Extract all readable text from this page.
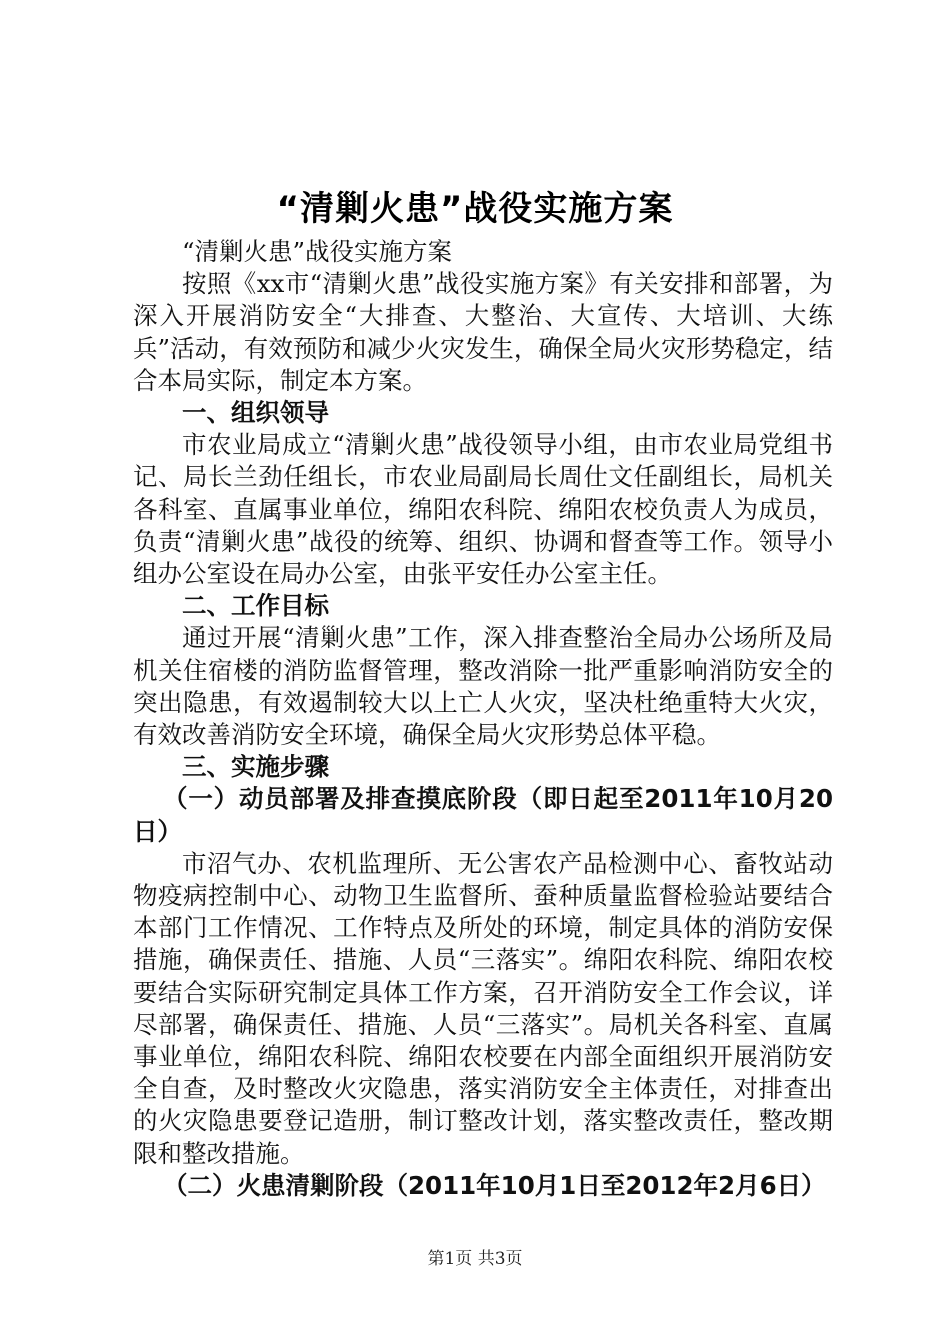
“清剿火患”战役实施方案

“清剿火患”战役实施方案

按照《xx市“清剿火患”战役实施方案》有关安排和部署，为深入开展消防安全“大排查、大整治、大宣传、大培训、大练兵”活动，有效预防和减少火灾发生，确保全局火灾形势稳定，结合本局实际，制定本方案。

一、组织领导

市农业局成立“清剿火患”战役领导小组，由市农业局党组书记、局长兰劲任组长，市农业局副局长周仕文任副组长，局机关各科室、直属事业单位，绵阳农科院、绵阳农校负责人为成员，负责“清剿火患”战役的统筹、组织、协调和督查等工作。领导小组办公室设在局办公室，由张平安任办公室主任。

二、工作目标

通过开展“清剿火患”工作，深入排查整治全局办公场所及局机关住宿楼的消防监督管理，整改消除一批严重影响消防安全的突出隐患，有效遏制较大以上亡人火灾，坚决杜绝重特大火灾，有效改善消防安全环境，确保全局火灾形势总体平稳。

三、实施步骤

（一）动员部署及排查摸底阶段（即日起至2011年10月20日）

市沼气办、农机监理所、无公害农产品检测中心、畜牧站动物疫病控制中心、动物卫生监督所、蚕种质量监督检验站要结合本部门工作情况、工作特点及所处的环境，制定具体的消防安保措施，确保责任、措施、人员“三落实”。绵阳农科院、绵阳农校要结合实际研究制定具体工作方案，召开消防安全工作会议，详尽部署，确保责任、措施、人员“三落实”。局机关各科室、直属事业单位，绵阳农科院、绵阳农校要在内部全面组织开展消防安全自查，及时整改火灾隐患，落实消防安全主体责任，对排查出的火灾隐患要登记造册，制订整改计划，落实整改责任，整改期限和整改措施。

（二）火患清剿阶段（2011年10月1日至2012年2月6日）

第1页 共3页
